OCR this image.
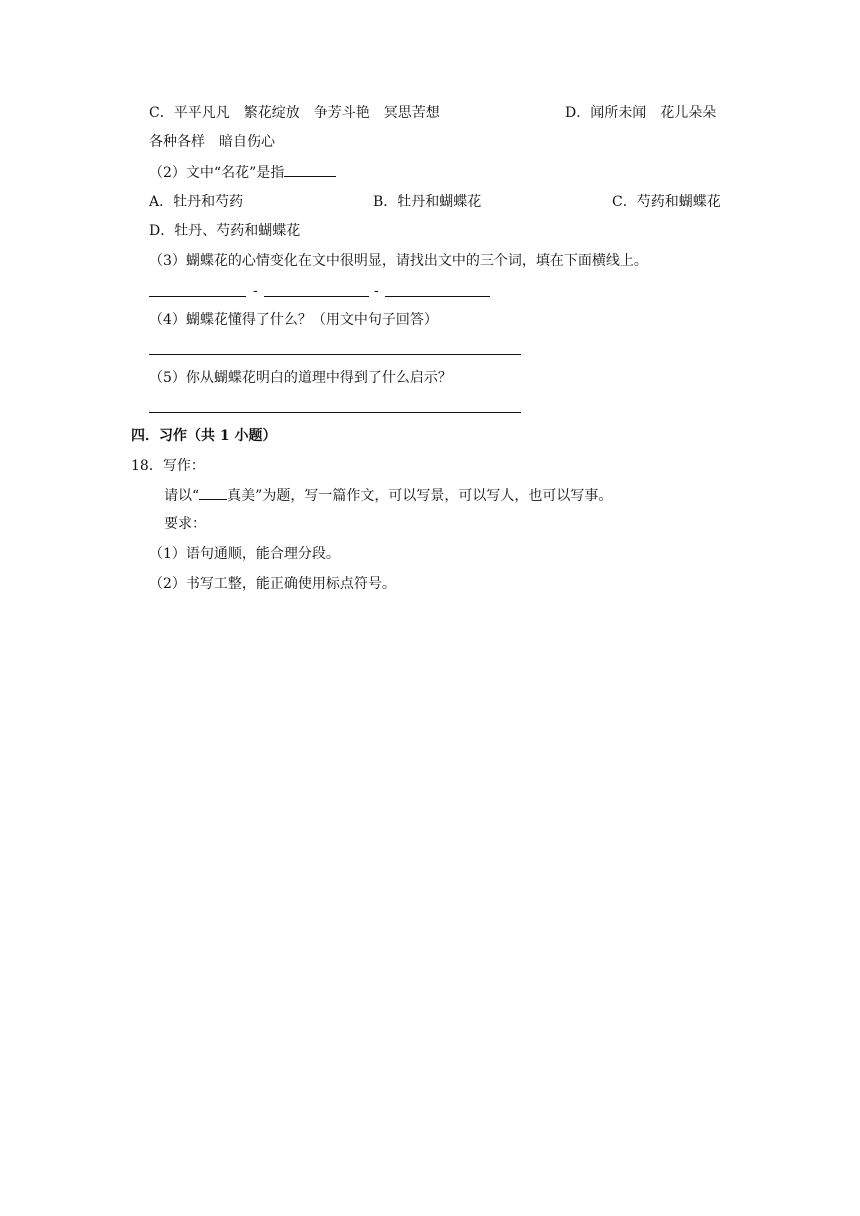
C．平平凡凡　繁花绽放　争芳斗艳　冥思苦想	D．闻所未闻　花儿朵朵
各种各样　暗自伤心
（2）文中“名花”是指
A．牡丹和芍药	B．牡丹和蝴蝶花	C．芍药和蝴蝶花
D．牡丹、芍药和蝴蝶花
（3）蝴蝶花的心情变化在文中很明显，请找出文中的三个词，填在下面横线上。
-	-
（4）蝴蝶花懂得了什么？（用文中句子回答）
（5）你从蝴蝶花明白的道理中得到了什么启示？
四．习作（共 1 小题）
18．写作：
请以“ 真美”为题，写一篇作文，可以写景，可以写人，也可以写事。
要求：
（1）语句通顺，能合理分段。
（2）书写工整，能正确使用标点符号。
